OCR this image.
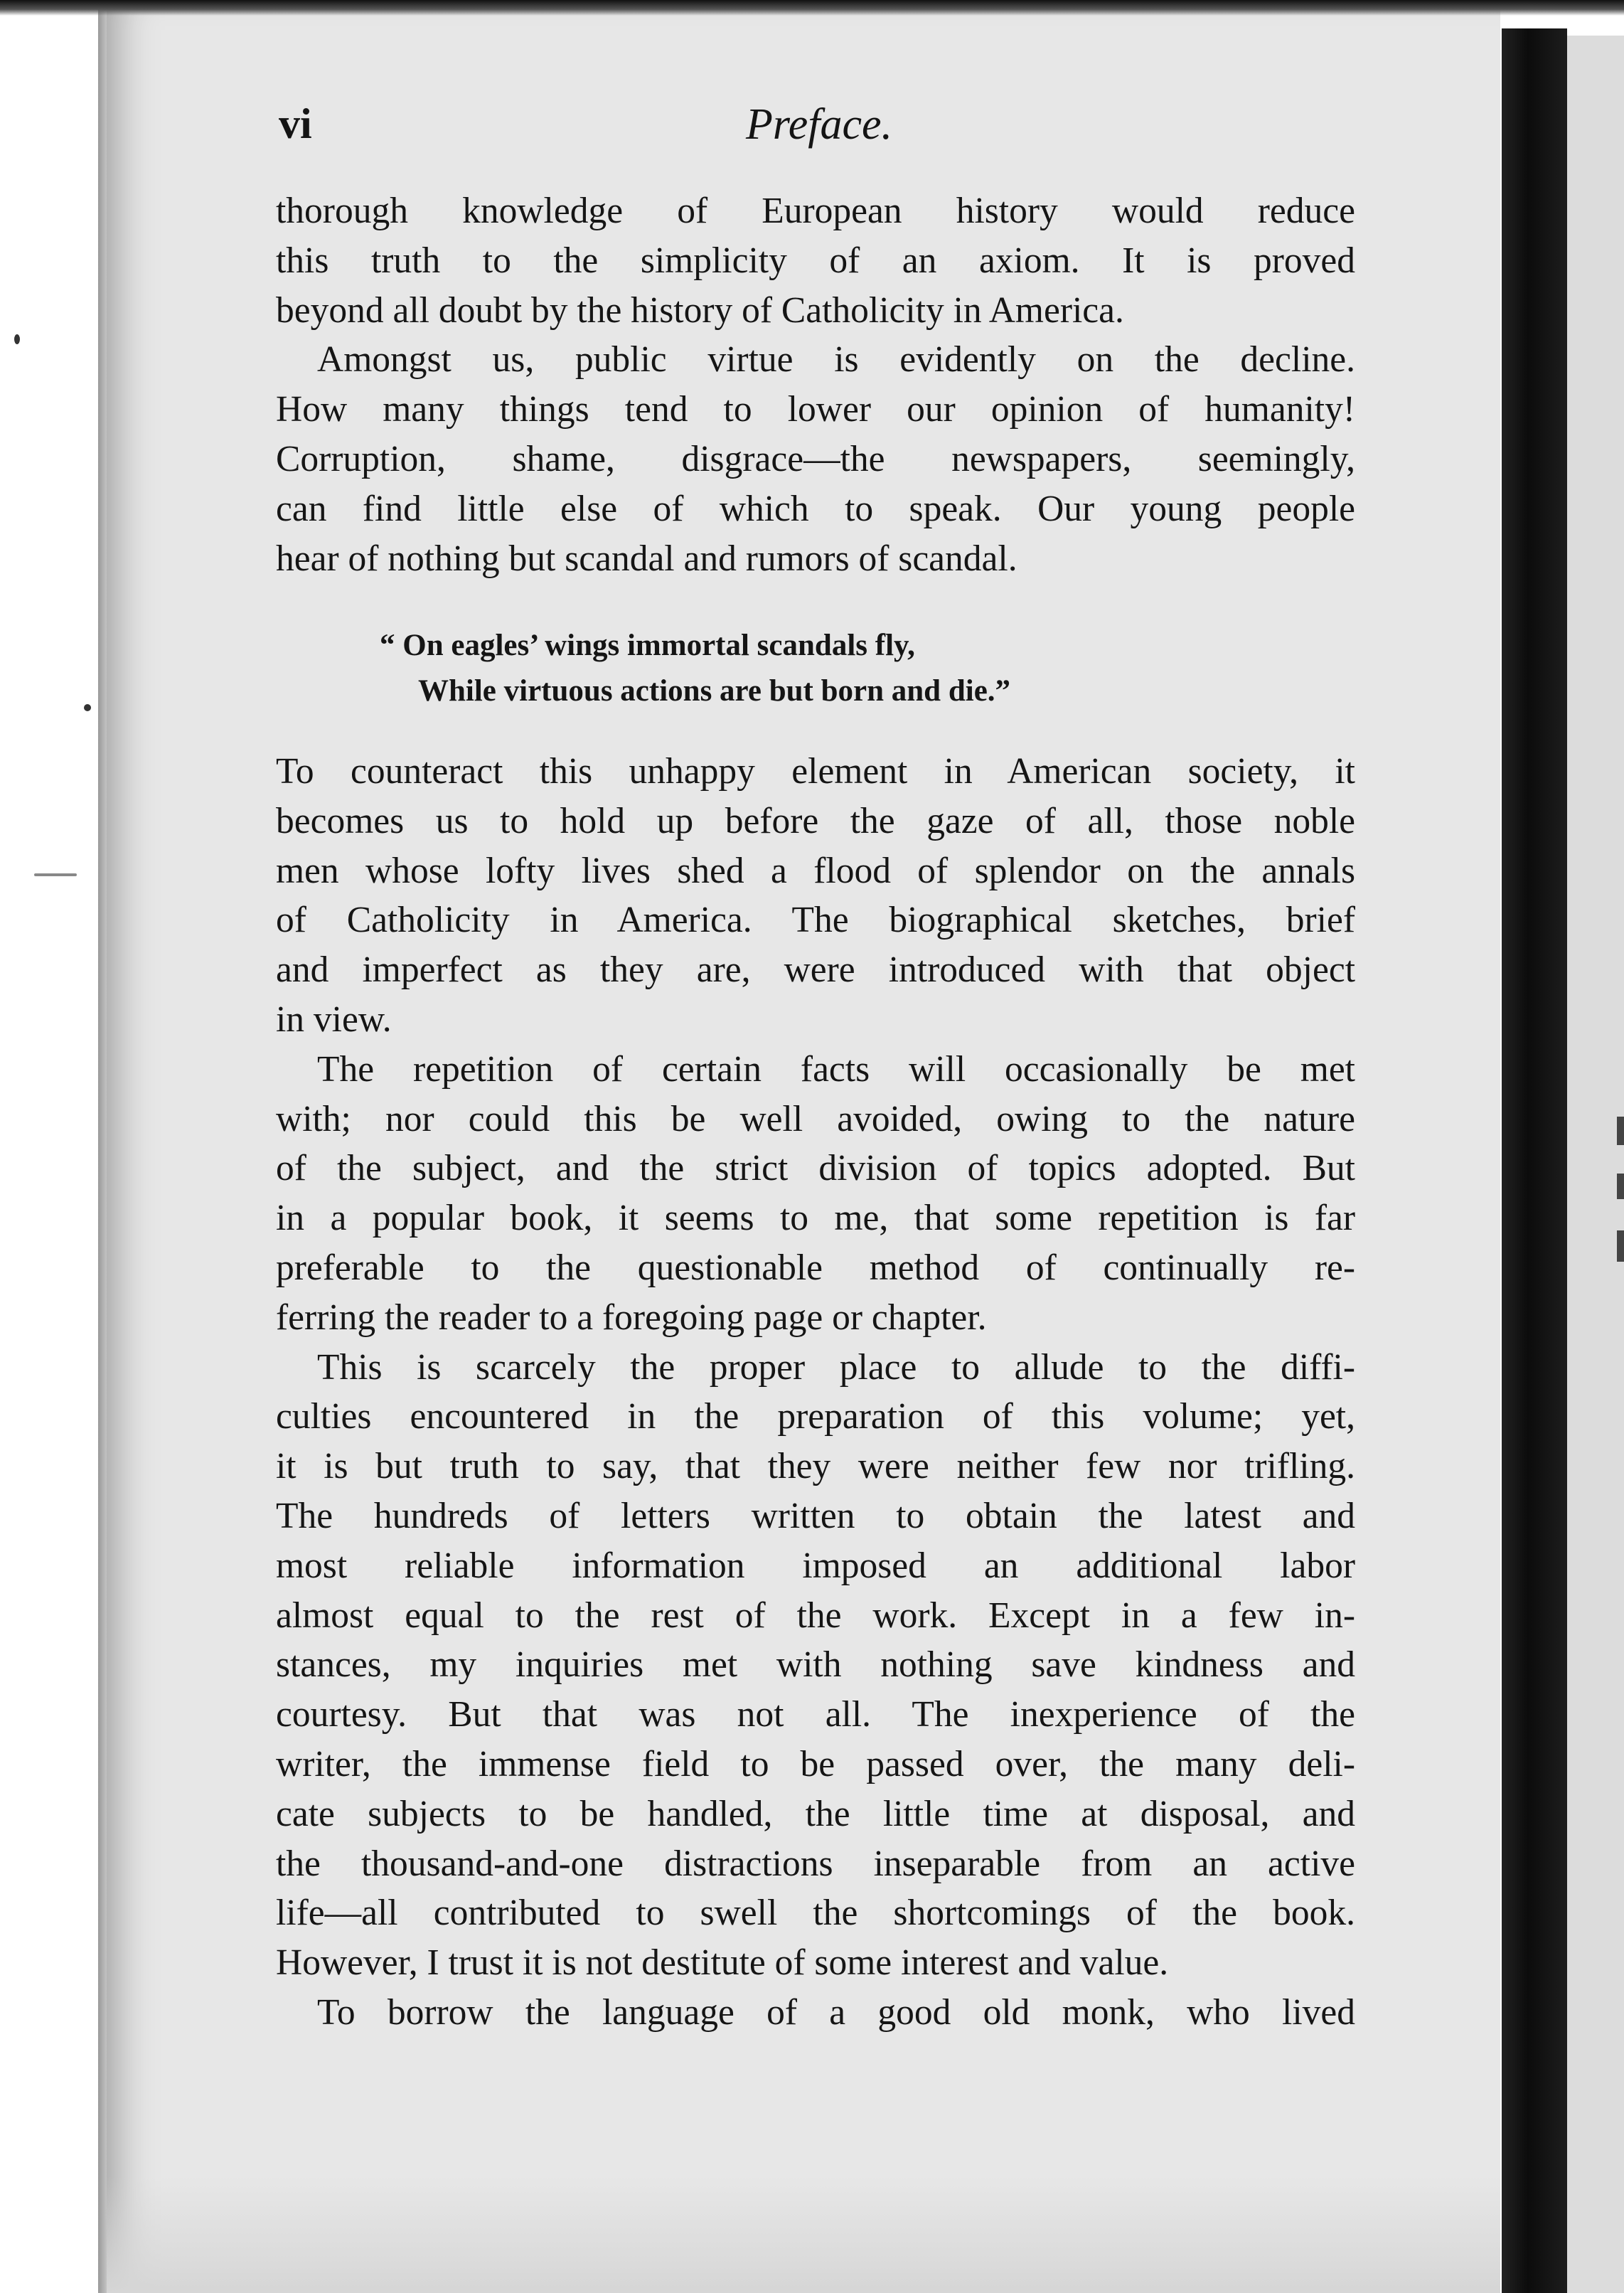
vi	Preface.
thorough knowledge of European history would reduce
this truth to the simplicity of an axiom. It is proved
beyond all doubt by the history of Catholicity in America.
Amongst us, public virtue is evidently on the decline.
How many things tend to lower our opinion of humanity!
Corruption, shame, disgrace—the newspapers, seemingly,
can find little else of which to speak. Our young people
hear of nothing but scandal and rumors of scandal.
“ On eagles’ wings immortal scandals fly,
While virtuous actions are but born and die.”
To counteract this unhappy element in American society, it
becomes us to hold up before the gaze of all, those noble
men whose lofty lives shed a flood of splendor on the annals
of Catholicity in America. The biographical sketches, brief
and imperfect as they are, were introduced with that object
in view.
The repetition of certain facts will occasionally be met
with; nor could this be well avoided, owing to the nature
of the subject, and the strict division of topics adopted. But
in a popular book, it seems to me, that some repetition is far
preferable to the questionable method of continually re-
ferring the reader to a foregoing page or chapter.
This is scarcely the proper place to allude to the diffi-
culties encountered in the preparation of this volume; yet,
it is but truth to say, that they were neither few nor trifling.
The hundreds of letters written to obtain the latest and
most reliable information imposed an additional labor
almost equal to the rest of the work. Except in a few in-
stances, my inquiries met with nothing save kindness and
courtesy. But that was not all. The inexperience of the
writer, the immense field to be passed over, the many deli-
cate subjects to be handled, the little time at disposal, and
the thousand-and-one distractions inseparable from an active
life—all contributed to swell the shortcomings of the book.
However, I trust it is not destitute of some interest and value.
To borrow the language of a good old monk, who lived
